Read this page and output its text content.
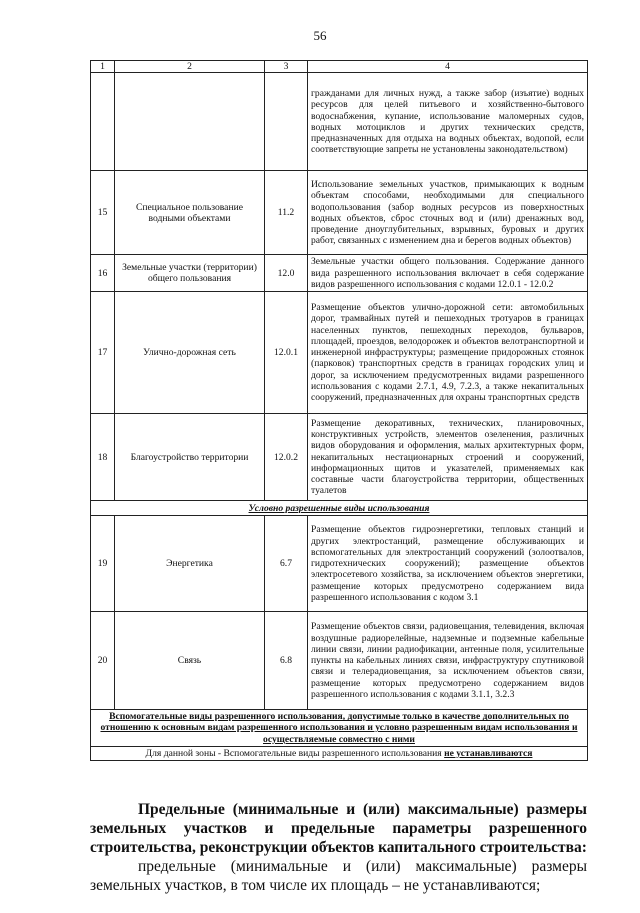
56
1	2	3	4
			гражданами для личных нужд, а также забор (изъятие) водных ресурсов для целей питьевого и хозяйственно-бытового водоснабжения, купание, использование маломерных судов, водных мотоциклов и других технических средств, предназначенных для отдыха на водных объектах, водопой, если соответствующие запреты не установлены законодательством)
15	Специальное пользование водными объектами	11.2	Использование земельных участков, примыкающих к водным объектам способами, необходимыми для специального водопользования (забор водных ресурсов из поверхностных водных объектов, сброс сточных вод и (или) дренажных вод, проведение дноуглубительных, взрывных, буровых и других работ, связанных с изменением дна и берегов водных объектов)
16	Земельные участки (территории) общего пользования	12.0	Земельные участки общего пользования. Содержание данного вида разрешенного использования включает в себя содержание видов разрешенного использования с кодами 12.0.1 - 12.0.2
17	Улично-дорожная сеть	12.0.1	Размещение объектов улично-дорожной сети: автомобильных дорог, трамвайных путей и пешеходных тротуаров в границах населенных пунктов, пешеходных переходов, бульваров, площадей, проездов, велодорожек и объектов велотранспортной и инженерной инфраструктуры; размещение придорожных стоянок (парковок) транспортных средств в границах городских улиц и дорог, за исключением предусмотренных видами разрешенного использования с кодами 2.7.1, 4.9, 7.2.3, а также некапитальных сооружений, предназначенных для охраны транспортных средств
18	Благоустройство территории	12.0.2	Размещение декоративных, технических, планировочных, конструктивных устройств, элементов озеленения, различных видов оборудования и оформления, малых архитектурных форм, некапитальных нестационарных строений и сооружений, информационных щитов и указателей, применяемых как составные части благоустройства территории, общественных туалетов
Условно разрешенные виды использования			
19	Энергетика	6.7	Размещение объектов гидроэнергетики, тепловых станций и других электростанций, размещение обслуживающих и вспомогательных для электростанций сооружений (золоотвалов, гидротехнических сооружений); размещение объектов электросетевого хозяйства, за исключением объектов энергетики, размещение которых предусмотрено содержанием вида разрешенного использования с кодом 3.1
20	Связь	6.8	Размещение объектов связи, радиовещания, телевидения, включая воздушные радиорелейные, надземные и подземные кабельные линии связи, линии радиофикации, антенные поля, усилительные пункты на кабельных линиях связи, инфраструктуру спутниковой связи и телерадиовещания, за исключением объектов связи, размещение которых предусмотрено содержанием видов разрешенного использования с кодами 3.1.1, 3.2.3
Вспомогательные виды разрешенного использования, допустимые только в качестве дополнительных по отношению к основным видам разрешенного использования и условно разрешенным видам использования и осуществляемые совместно с ними			
Для данной зоны - Вспомогательные виды разрешенного использования не устанавливаются			
Предельные (минимальные и (или) максимальные) размеры земельных участков и предельные параметры разрешенного строительства, реконструкции объектов капитального строительства:
предельные (минимальные и (или) максимальные) размеры земельных участков, в том числе их площадь – не устанавливаются;
